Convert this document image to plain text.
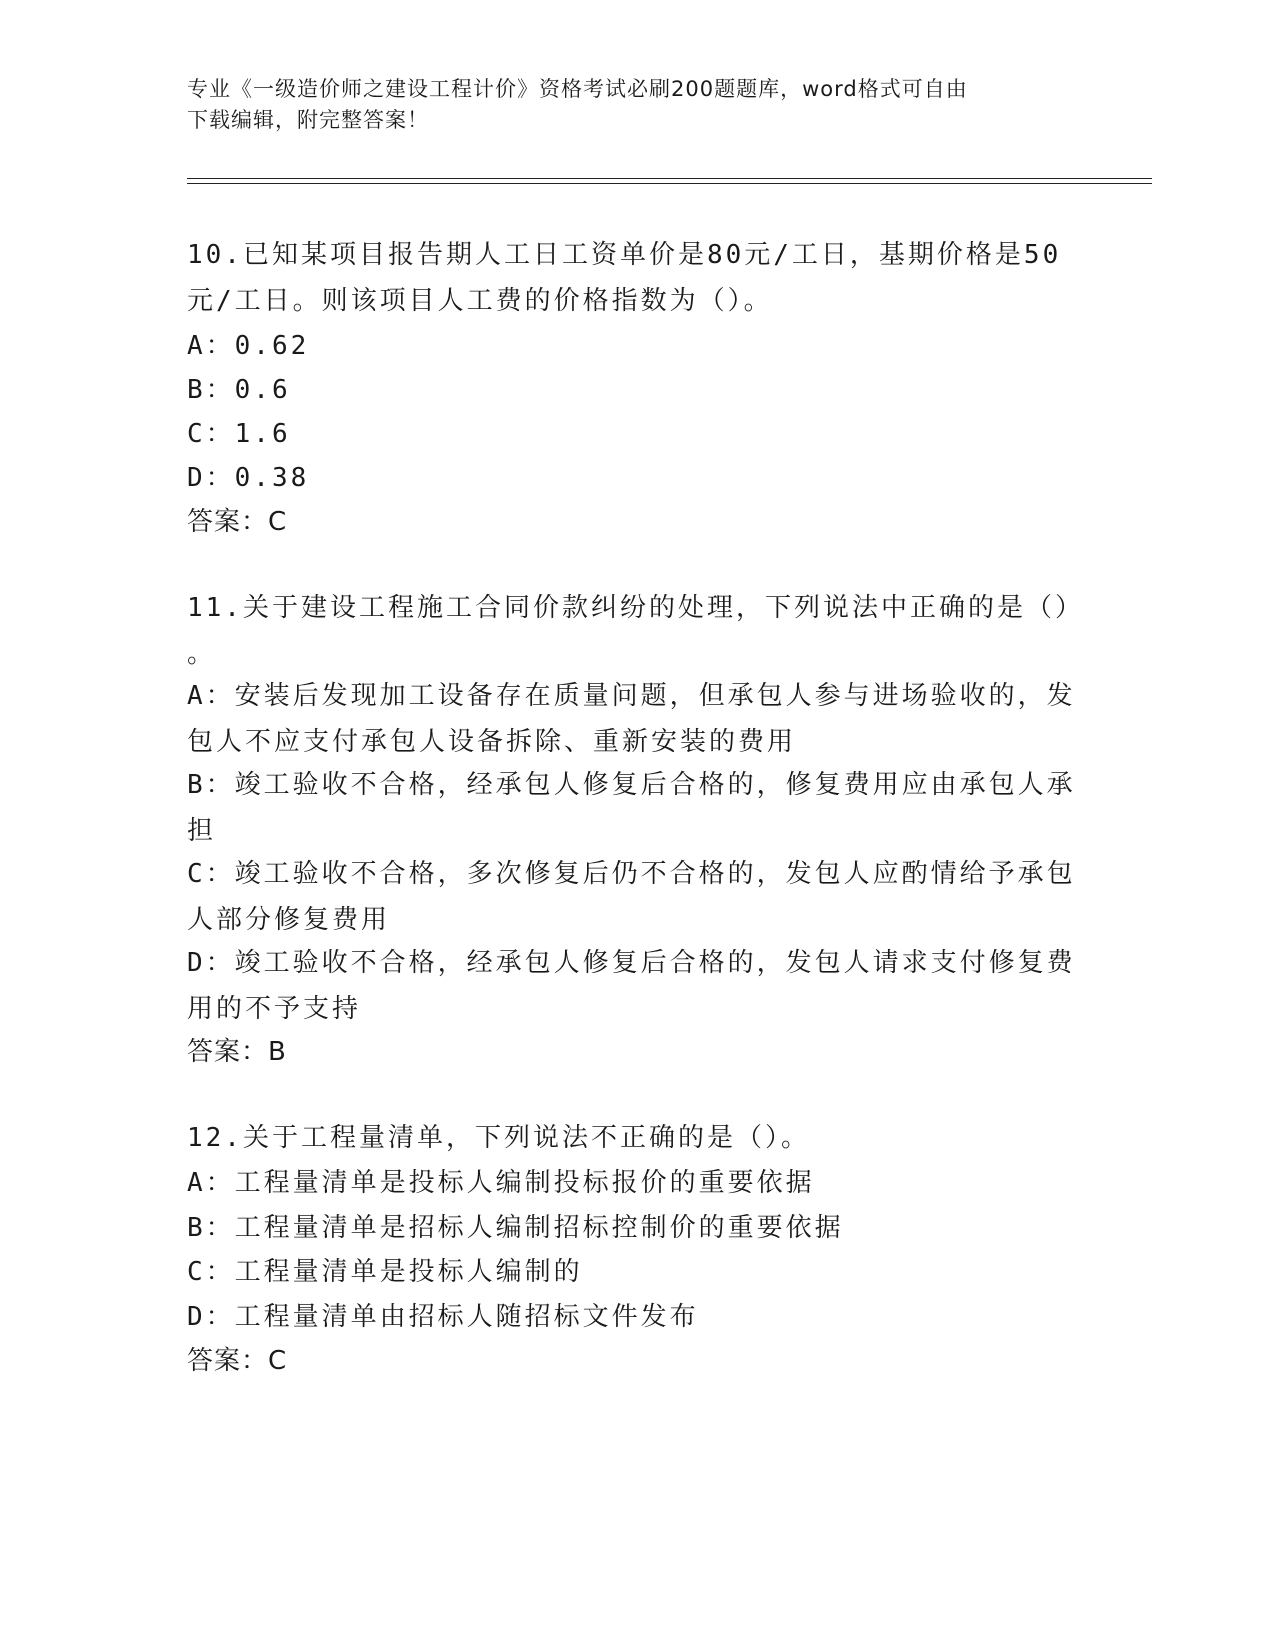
专业《一级造价师之建设工程计价》资格考试必刷200题题库，word格式可自由
下载编辑，附完整答案！
10.已知某项目报告期人工日工资单价是80元/工日，基期价格是50
元/工日。则该项目人工费的价格指数为（）。
A：0.62
B：0.6
C：1.6
D：0.38
答案：C
11.关于建设工程施工合同价款纠纷的处理，下列说法中正确的是（）
。
A：安装后发现加工设备存在质量问题，但承包人参与进场验收的，发
包人不应支付承包人设备拆除、重新安装的费用
B：竣工验收不合格，经承包人修复后合格的，修复费用应由承包人承
担
C：竣工验收不合格，多次修复后仍不合格的，发包人应酌情给予承包
人部分修复费用
D：竣工验收不合格，经承包人修复后合格的，发包人请求支付修复费
用的不予支持
答案：B
12.关于工程量清单，下列说法不正确的是（）。
A：工程量清单是投标人编制投标报价的重要依据
B：工程量清单是招标人编制招标控制价的重要依据
C：工程量清单是投标人编制的
D：工程量清单由招标人随招标文件发布
答案：C
